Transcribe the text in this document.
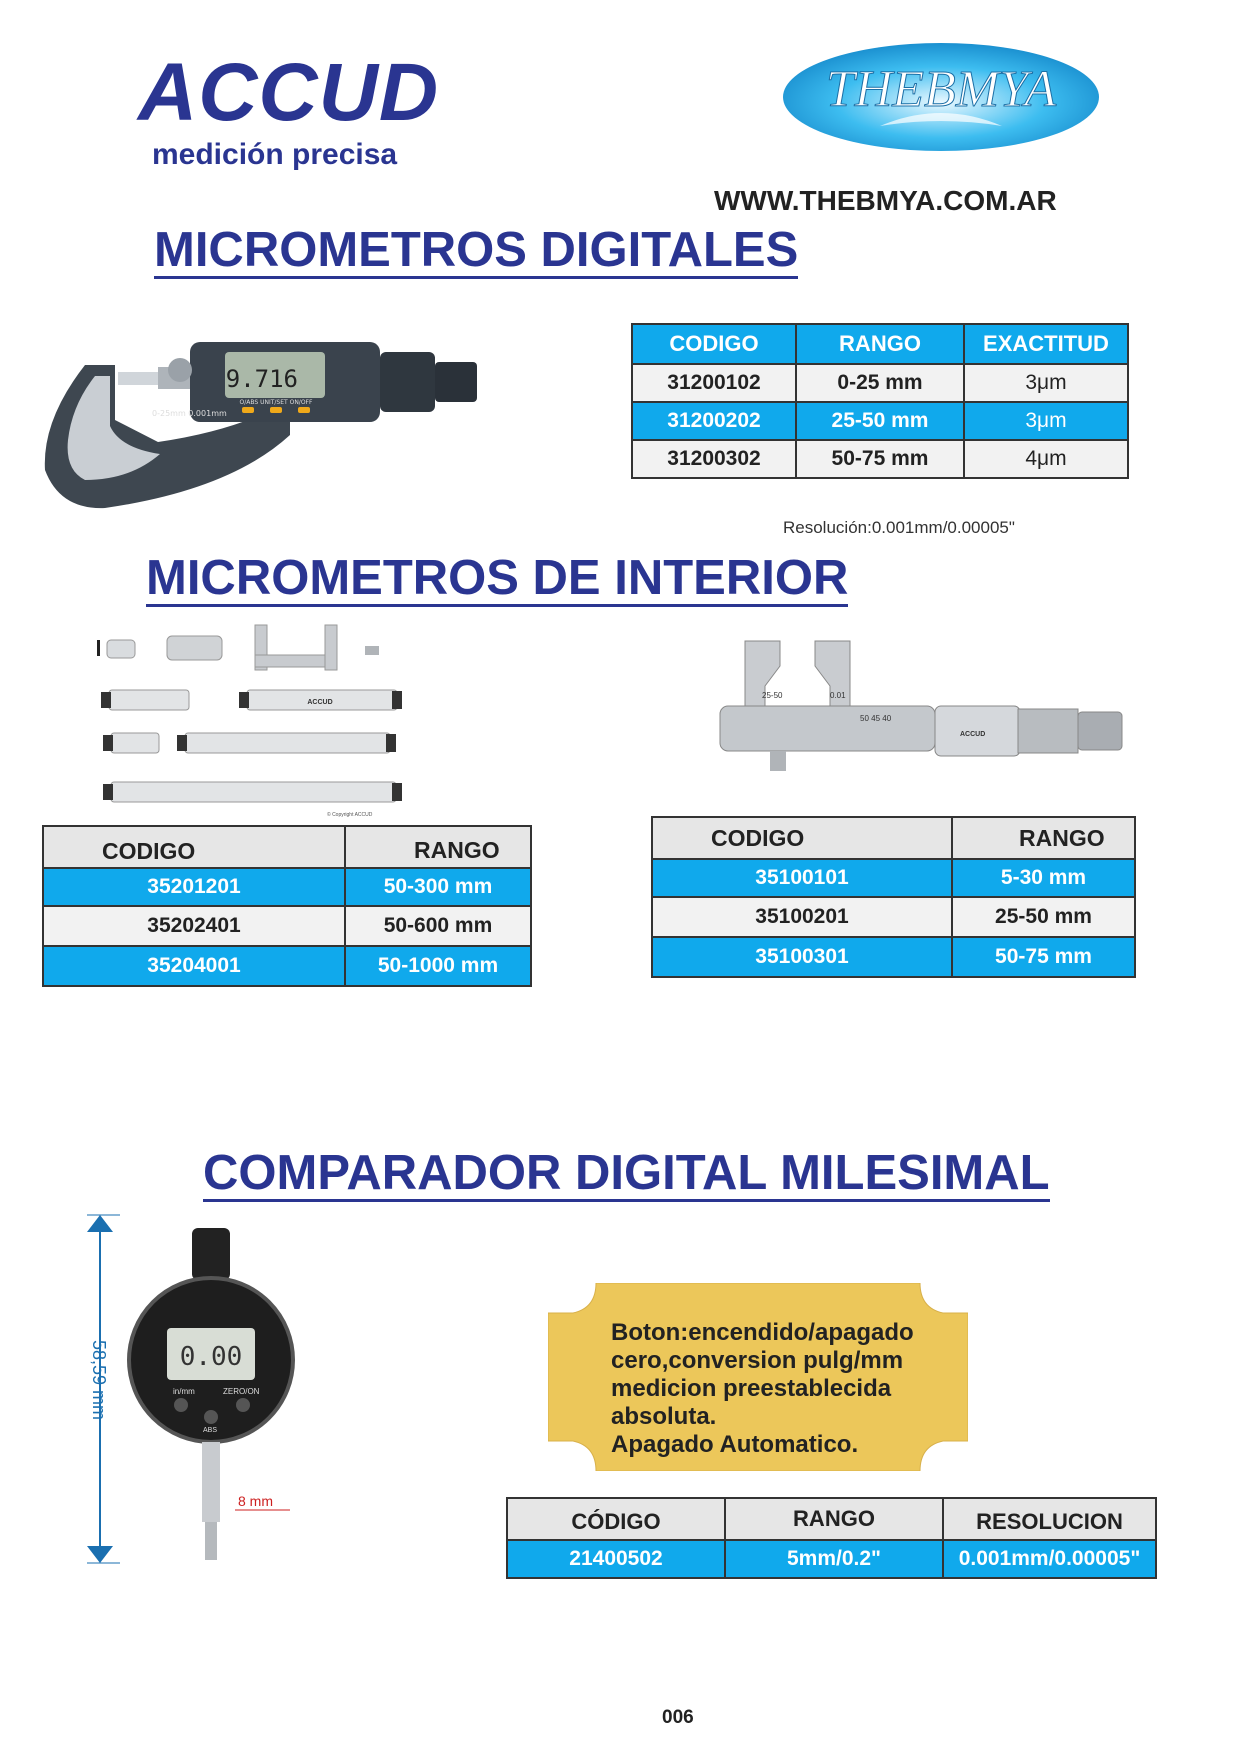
ACCUD
medición precisa
THEBMYA
WWW.THEBMYA.COM.AR
MICROMETROS DIGITALES
9.716
O/ABS UNIT/SET ON/OFF
0-25mm 0.001mm
CODIGO	RANGO	EXACTITUD
31200102	0-25 mm	3μm
31200202	25-50 mm	3μm
31200302	50-75 mm	4μm
Resolución:0.001mm/0.00005"
MICROMETROS DE INTERIOR
ACCUD
© Copyright ACCUD
25-50	0.01
50 45 40
ACCUD
CODIGO	RANGO
35201201	50-300 mm
35202401	50-600 mm
35204001	50-1000 mm
CODIGO	RANGO
35100101	5-30 mm
35100201	25-50 mm
35100301	50-75 mm
COMPARADOR DIGITAL MILESIMAL
58,59 mm	0.00
in/mm	ZERO/ON
ABS
8 mm
Boton:encendido/apagado
cero,conversion pulg/mm
medicion preestablecida
absoluta.
Apagado Automatico.
CÓDIGO	RANGO	RESOLUCION
21400502	5mm/0.2"	0.001mm/0.00005"
006
